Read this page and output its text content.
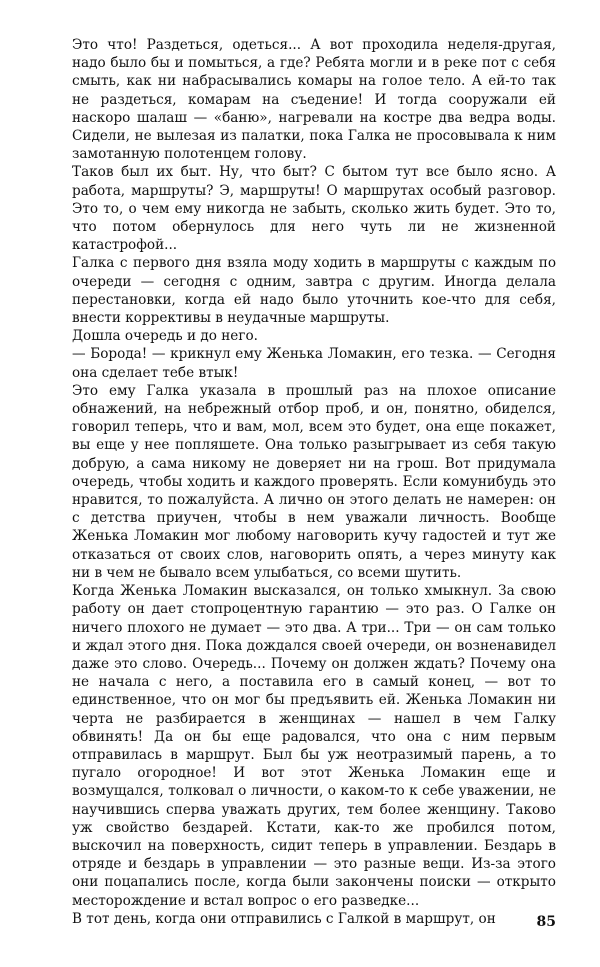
Это что! Раздеться, одеться... А вот проходила неделя-другая, надо было бы и помыться, а где? Ребята могли и в реке пот с себя смыть, как ни набрасывались комары на голое тело. А ей-то так не раздеться, комарам на съедение! И тогда сооружали ей наскоро шалаш — «баню», нагревали на костре два ведра воды. Сидели, не вылезая из палатки, пока Галка не просовывала к ним замотанную полотенцем голову.

Таков был их быт. Ну, что быт? С бытом тут все было ясно. А работа, маршруты? Э, маршруты! О маршрутах особый разговор. Это то, о чем ему никогда не забыть, сколько жить будет. Это то, что потом обернулось для него чуть ли не жизненной катастрофой...

Галка с первого дня взяла моду ходить в маршруты с каждым по очереди — сегодня с одним, завтра с другим. Иногда делала перестановки, когда ей надо было уточнить кое-что для себя, внести коррективы в неудачные маршруты.

Дошла очередь и до него.

— Борода! — крикнул ему Женька Ломакин, его тезка. — Сегодня она сделает тебе втык!

Это ему Галка указала в прошлый раз на плохое описание обнажений, на небрежный отбор проб, и он, понятно, обиделся, говорил теперь, что и вам, мол, всем это будет, она еще покажет, вы еще у нее попляшете. Она только разыгрывает из себя такую добрую, а сама никому не доверяет ни на грош. Вот придумала очередь, чтобы ходить и каждого проверять. Если комунибудь это нравится, то пожалуйста. А лично он этого делать не намерен: он с детства приучен, чтобы в нем уважали личность. Вообще Женька Ломакин мог любому наговорить кучу гадостей и тут же отказаться от своих слов, наговорить опять, а через минуту как ни в чем не бывало всем улыбаться, со всеми шутить.

Когда Женька Ломакин высказался, он только хмыкнул. За свою работу он дает стопроцентную гарантию — это раз. О Галке он ничего плохого не думает — это два. А три... Три — он сам только и ждал этого дня. Пока дождался своей очереди, он возненавидел даже это слово. Очередь... Почему он должен ждать? Почему она не начала с него, а поставила его в самый конец, — вот то единственное, что он мог бы предъявить ей. Женька Ломакин ни черта не разбирается в женщинах — нашел в чем Галку обвинять! Да он бы еще радовался, что она с ним первым отправилась в маршрут. Был бы уж неотразимый парень, а то пугало огородное! И вот этот Женька Ломакин еще и возмущался, толковал о личности, о каком-то к себе уважении, не научившись сперва уважать других, тем более женщину. Таково уж свойство бездарей. Кстати, как-то же пробился потом, выскочил на поверхность, сидит теперь в управлении. Бездарь в отряде и бездарь в управлении — это разные вещи. Из-за этого они поцапались после, когда были закончены поиски — открыто месторождение и встал вопрос о его разведке...

В тот день, когда они отправились с Галкой в маршрут, он	85
